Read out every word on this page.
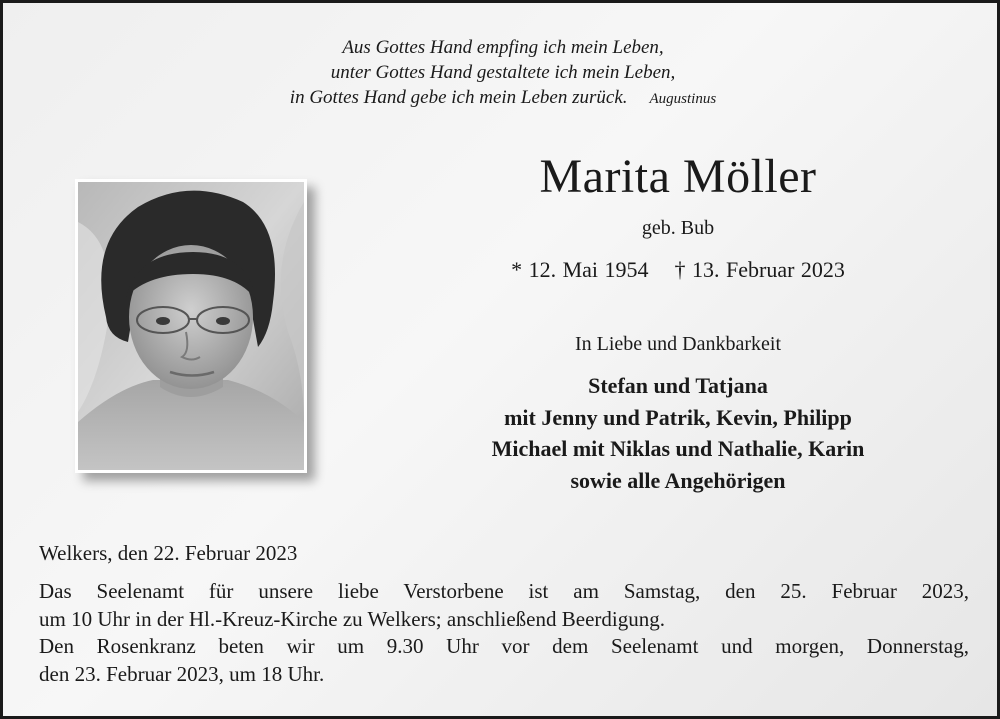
Aus Gottes Hand empfing ich mein Leben,
unter Gottes Hand gestaltete ich mein Leben,
in Gottes Hand gebe ich mein Leben zurück. Augustinus
Marita Möller
geb. Bub
* 12. Mai 1954 † 13. Februar 2023
In Liebe und Dankbarkeit
Stefan und Tatjana
mit Jenny und Patrik, Kevin, Philipp
Michael mit Niklas und Nathalie, Karin
sowie alle Angehörigen
Welkers, den 22. Februar 2023
Das Seelenamt für unsere liebe Verstorbene ist am Samstag, den 25. Februar 2023,
um 10 Uhr in der Hl.-Kreuz-Kirche zu Welkers; anschließend Beerdigung.
Den Rosenkranz beten wir um 9.30 Uhr vor dem Seelenamt und morgen, Donnerstag,
den 23. Februar 2023, um 18 Uhr.
